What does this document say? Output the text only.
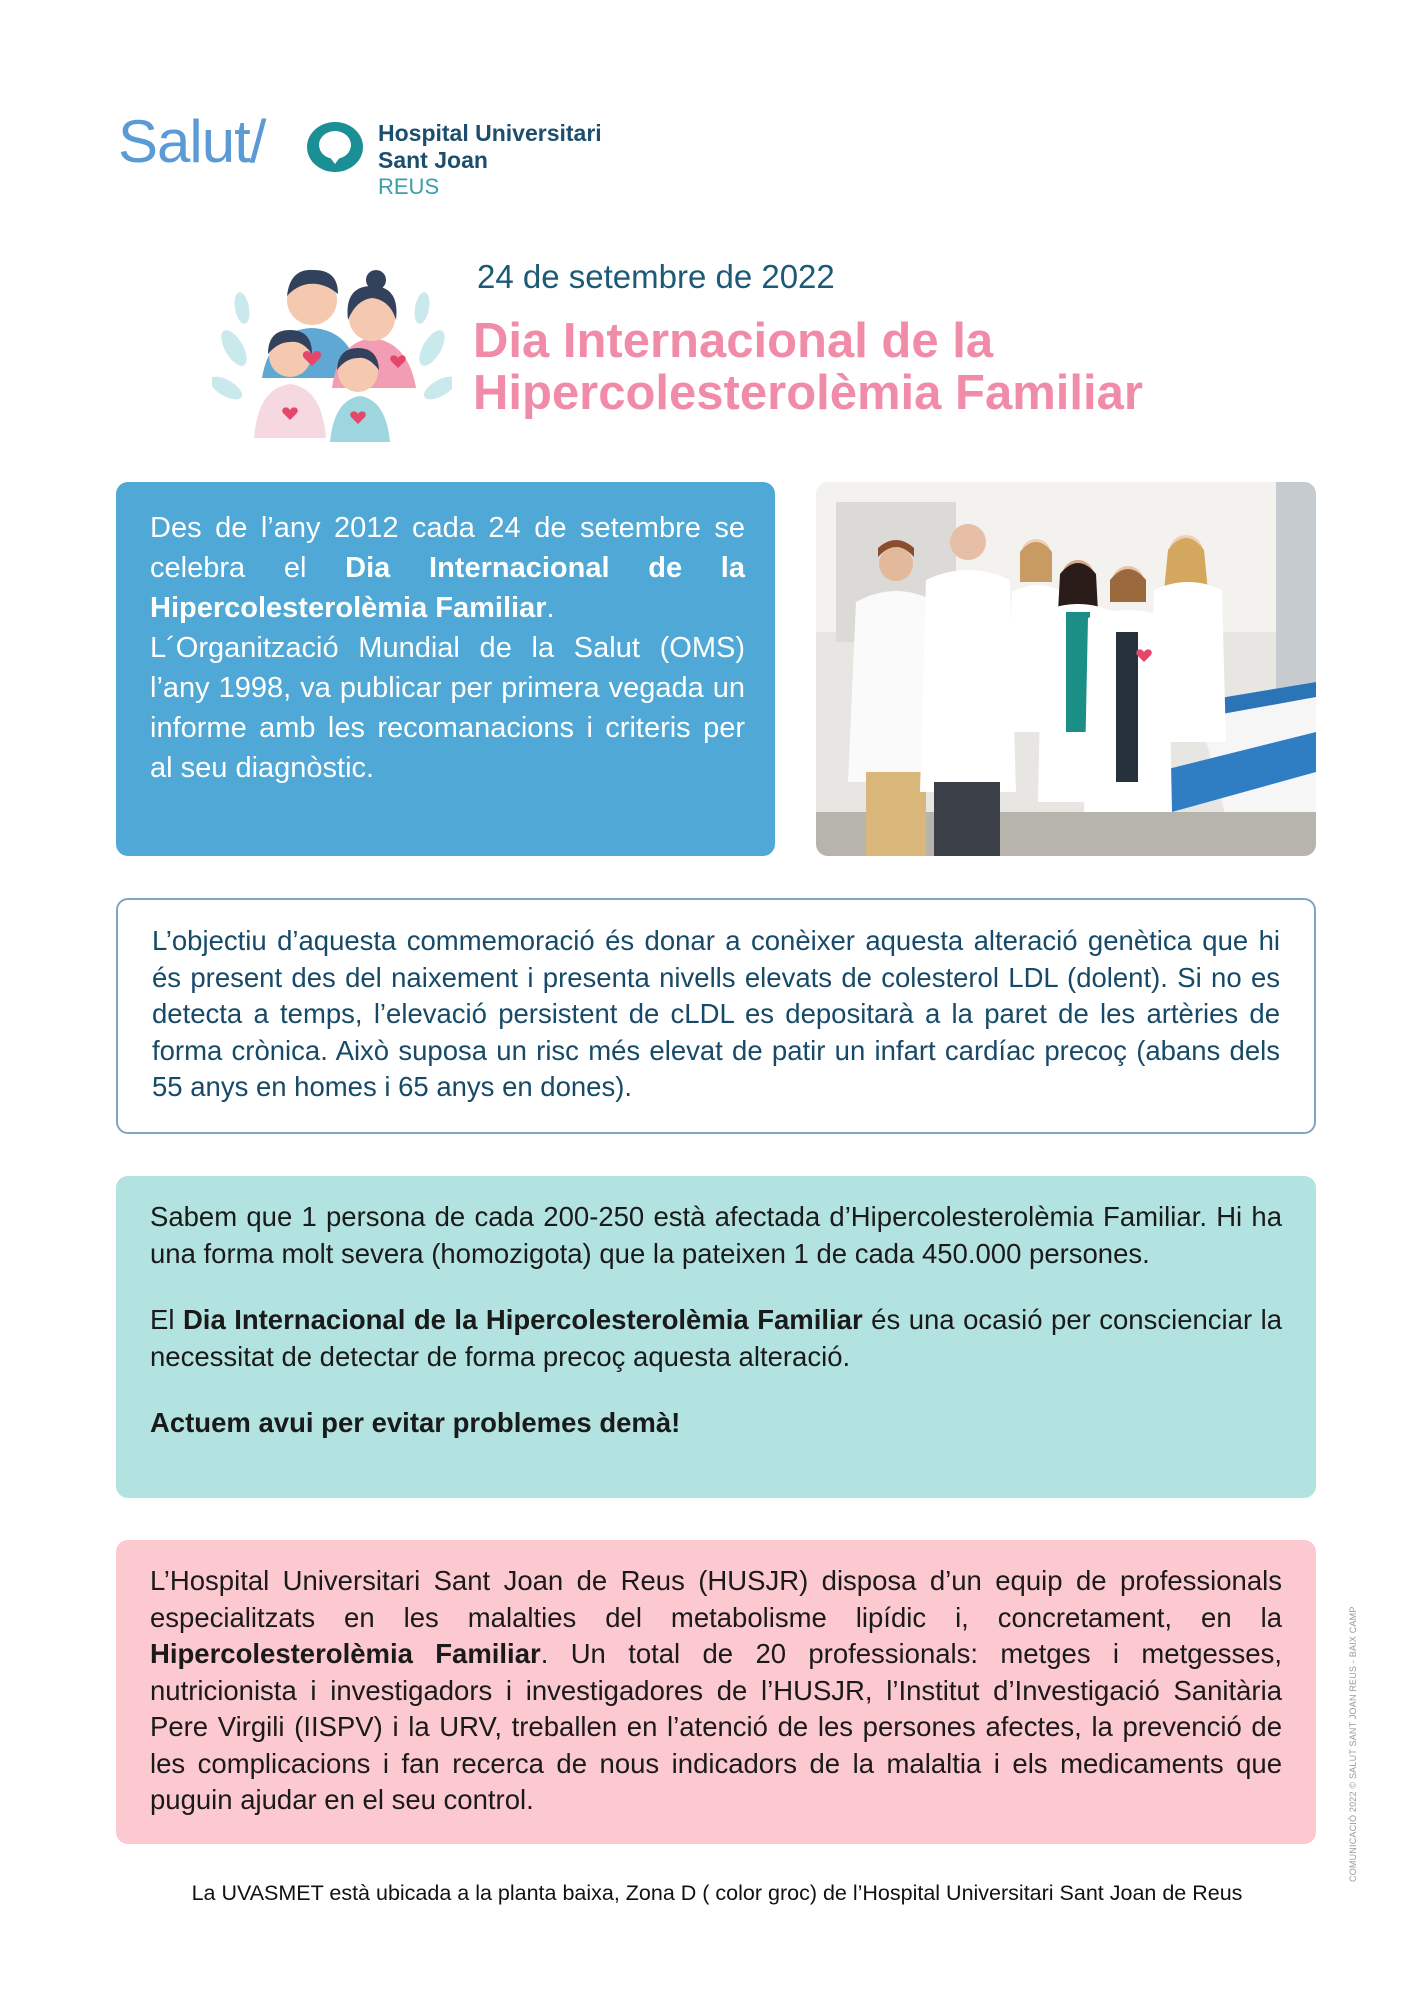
Salut/	Hospital Universitari
Sant Joan
REUS
24 de setembre de 2022
Dia Internacional de la
Hipercolesterolèmia Familiar

Des de l’any 2012 cada 24 de setembre se celebra el Dia Internacional de la Hipercolesterolèmia Familiar.

L´Organització Mundial de la Salut (OMS) l’any 1998, va publicar per primera vegada un informe amb les recomanacions i criteris per al seu diagnòstic.

L’objectiu d’aquesta commemoració és donar a conèixer aquesta alteració genètica que hi és present des del naixement i presenta nivells elevats de colesterol LDL (dolent). Si no es detecta a temps, l’elevació persistent de cLDL es depositarà a la paret de les artèries de forma crònica. Això suposa un risc més elevat de patir un infart cardíac precoç (abans dels 55 anys en homes i 65 anys en dones).

Sabem que 1 persona de cada 200-250 està afectada d’Hipercolesterolèmia Familiar. Hi ha una forma molt severa (homozigota) que la pateixen 1 de cada 450.000 persones.

El Dia Internacional de la Hipercolesterolèmia Familiar és una ocasió per conscienciar la necessitat de detectar de forma precoç aquesta alteració.

Actuem avui per evitar problemes demà!

L’Hospital Universitari Sant Joan de Reus (HUSJR) disposa d’un equip de professionals especialitzats en les malalties del metabolisme lipídic i, concretament, en la Hipercolesterolèmia Familiar. Un total de 20 professionals: metges i metgesses, nutricionista i investigadors i investigadores de l’HUSJR, l’Institut d’Investigació Sanitària Pere Virgili (IISPV) i la URV, treballen en l’atenció de les persones afectes, la prevenció de les complicacions i fan recerca de nous indicadors de la malaltia i els medicaments que puguin ajudar en el seu control.

La UVASMET està ubicada a la planta baixa, Zona D ( color groc) de l’Hospital Universitari Sant Joan de Reus
COMUNICACIÓ 2022 © SALUT SANT JOAN REUS - BAIX CAMP
